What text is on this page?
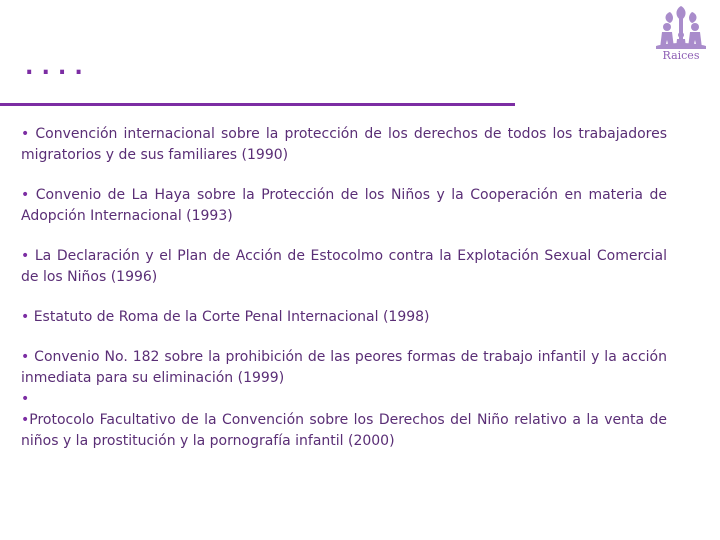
....	Raices

• Convención internacional sobre la protección de los derechos de todos los trabajadores migratorios y de sus familiares (1990)

• Convenio de La Haya sobre la Protección de los Niños y la Cooperación en materia de Adopción Internacional (1993)

• La Declaración y el Plan de Acción de Estocolmo contra la Explotación Sexual Comercial de los Niños (1996)

• Estatuto de Roma de la Corte Penal Internacional (1998)

• Convenio No. 182 sobre la prohibición de las peores formas de trabajo infantil y la acción inmediata para su eliminación (1999)

•

•Protocolo Facultativo de la Convención sobre los Derechos del Niño relativo a la venta de niños y la prostitución y la pornografía infantil (2000)
